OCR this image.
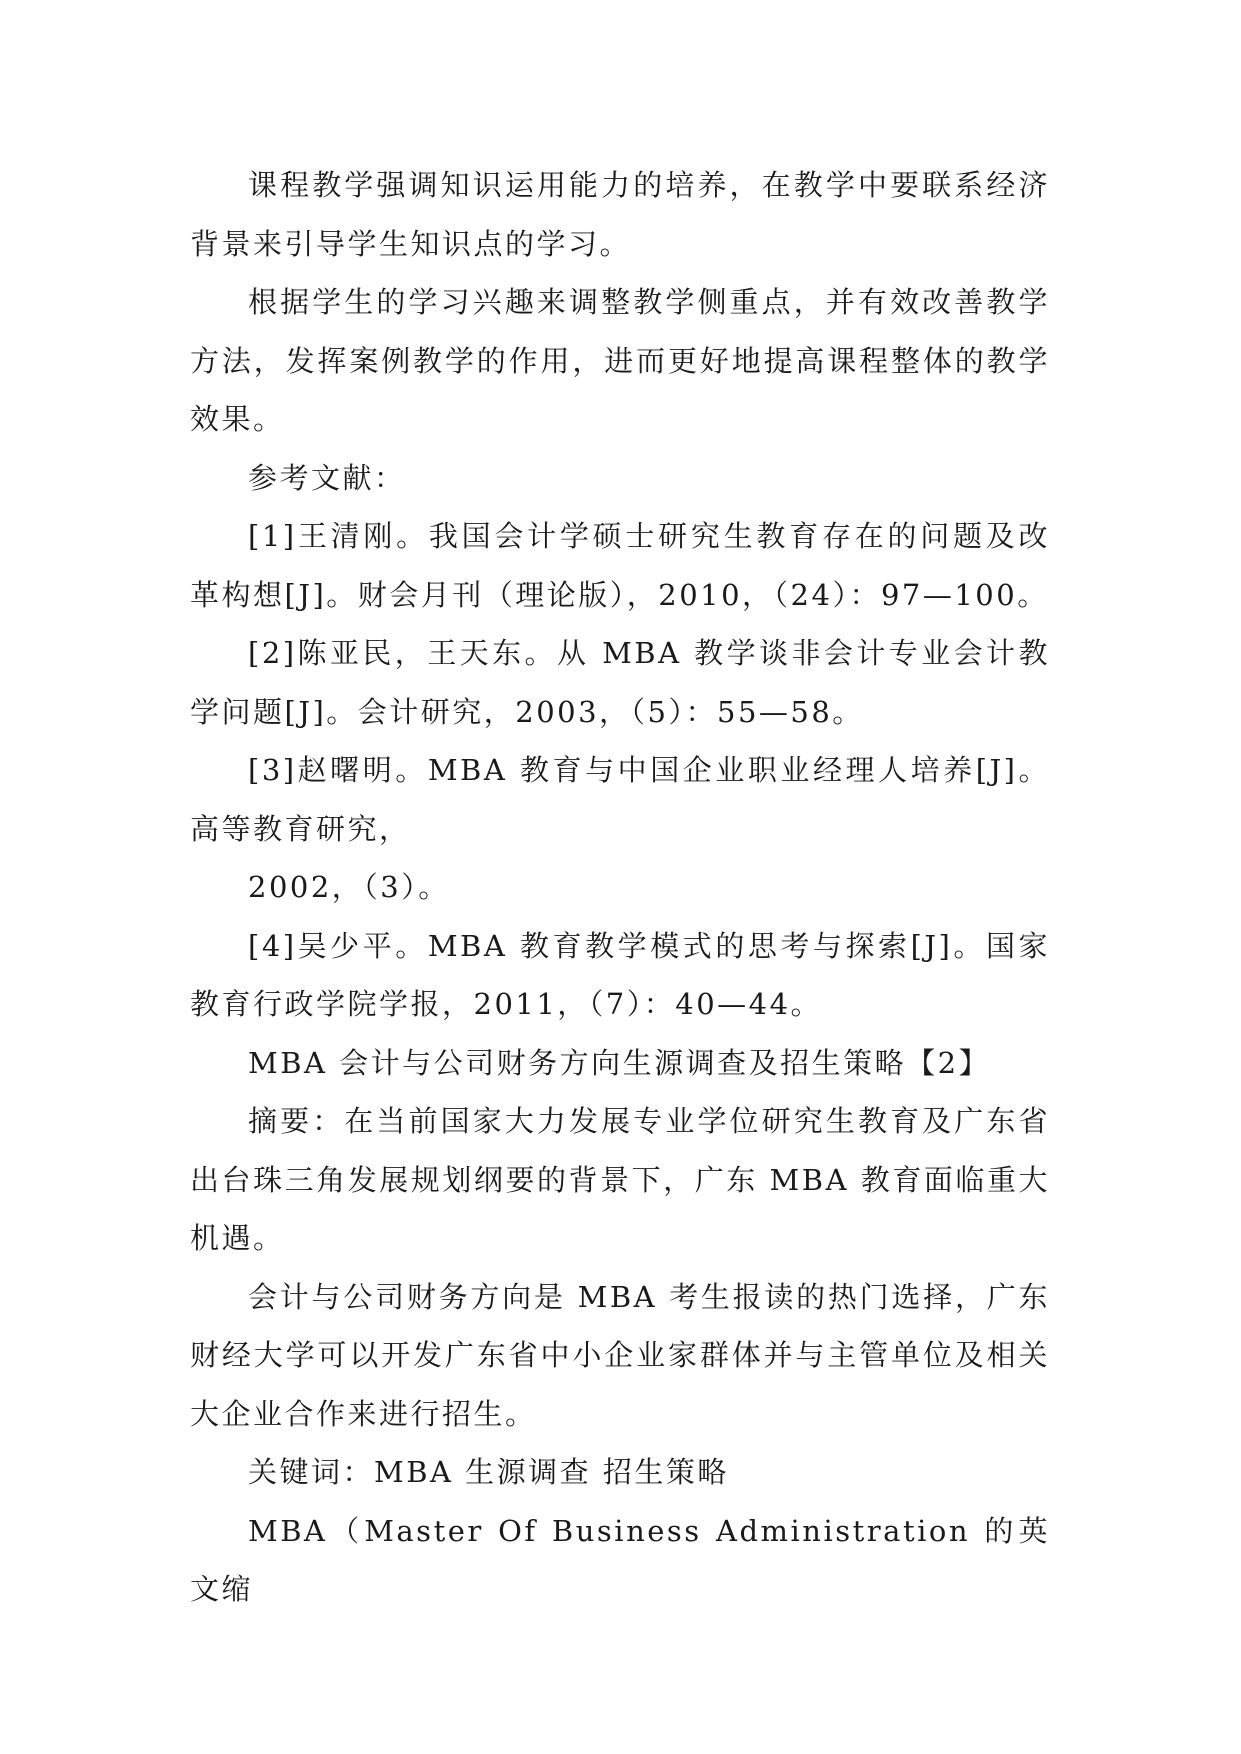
课程教学强调知识运用能力的培养，在教学中要联系经济背景来引导学生知识点的学习。

根据学生的学习兴趣来调整教学侧重点，并有效改善教学方法，发挥案例教学的作用，进而更好地提高课程整体的教学效果。

参考文献：

[1]王清刚。我国会计学硕士研究生教育存在的问题及改革构想[J]。财会月刊（理论版），2010，（24）：97—100。

[2]陈亚民，王天东。从 MBA 教学谈非会计专业会计教学问题[J]。会计研究，2003，（5）：55—58。

[3]赵曙明。MBA 教育与中国企业职业经理人培养[J]。高等教育研究，

2002，（3）。

[4]吴少平。MBA 教育教学模式的思考与探索[J]。国家教育行政学院学报，2011，（7）：40—44。

MBA 会计与公司财务方向生源调查及招生策略【2】

摘要：在当前国家大力发展专业学位研究生教育及广东省出台珠三角发展规划纲要的背景下，广东 MBA 教育面临重大机遇。

会计与公司财务方向是 MBA 考生报读的热门选择，广东财经大学可以开发广东省中小企业家群体并与主管单位及相关大企业合作来进行招生。

关键词：MBA 生源调查 招生策略

MBA（Master Of Business Administration 的英文缩
